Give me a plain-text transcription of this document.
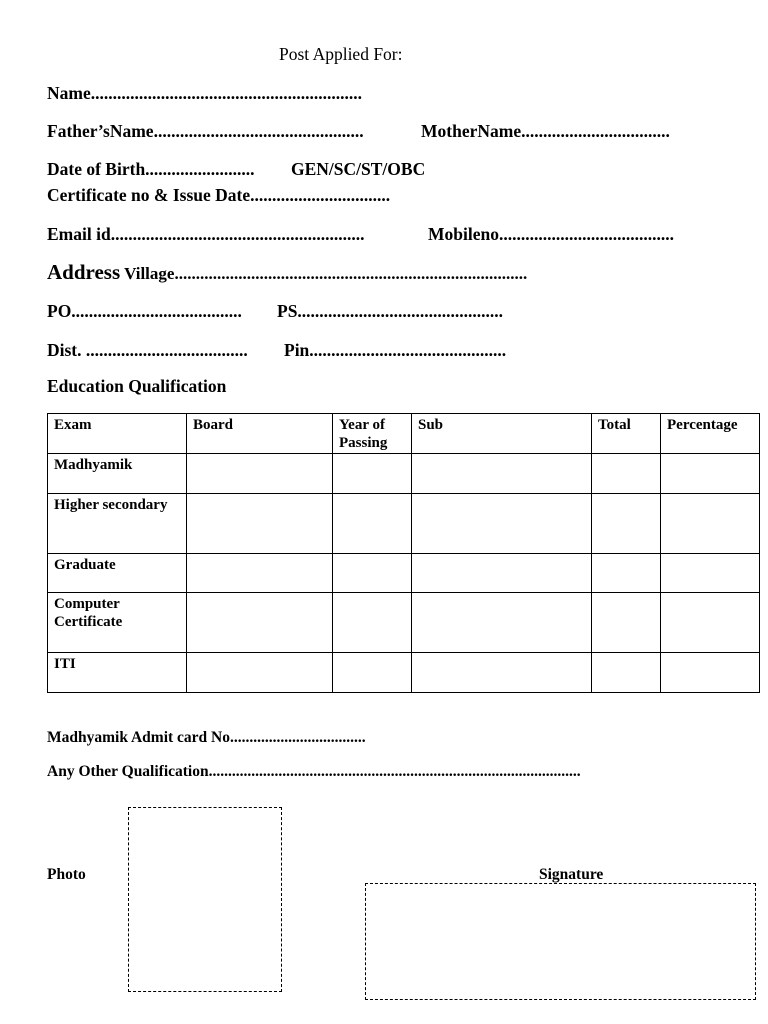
Post Applied For:
Name..............................................................
Father’sName................................................	MotherName..................................
Date of Birth......................... GEN/SC/ST/OBC
Certificate no & Issue Date................................
Email id..........................................................	Mobileno........................................
Address Village...................................................................................
PO....................................... PS...............................................
Dist. ..................................... Pin.............................................
Education Qualification
Exam	Board	Year of Passing	Sub	Total	Percentage
Madhyamik					
Higher secondary					
Graduate					
Computer Certificate					
ITI					
Madhyamik Admit card No...................................
Any Other Qualification................................................................................................
Photo	Signature
